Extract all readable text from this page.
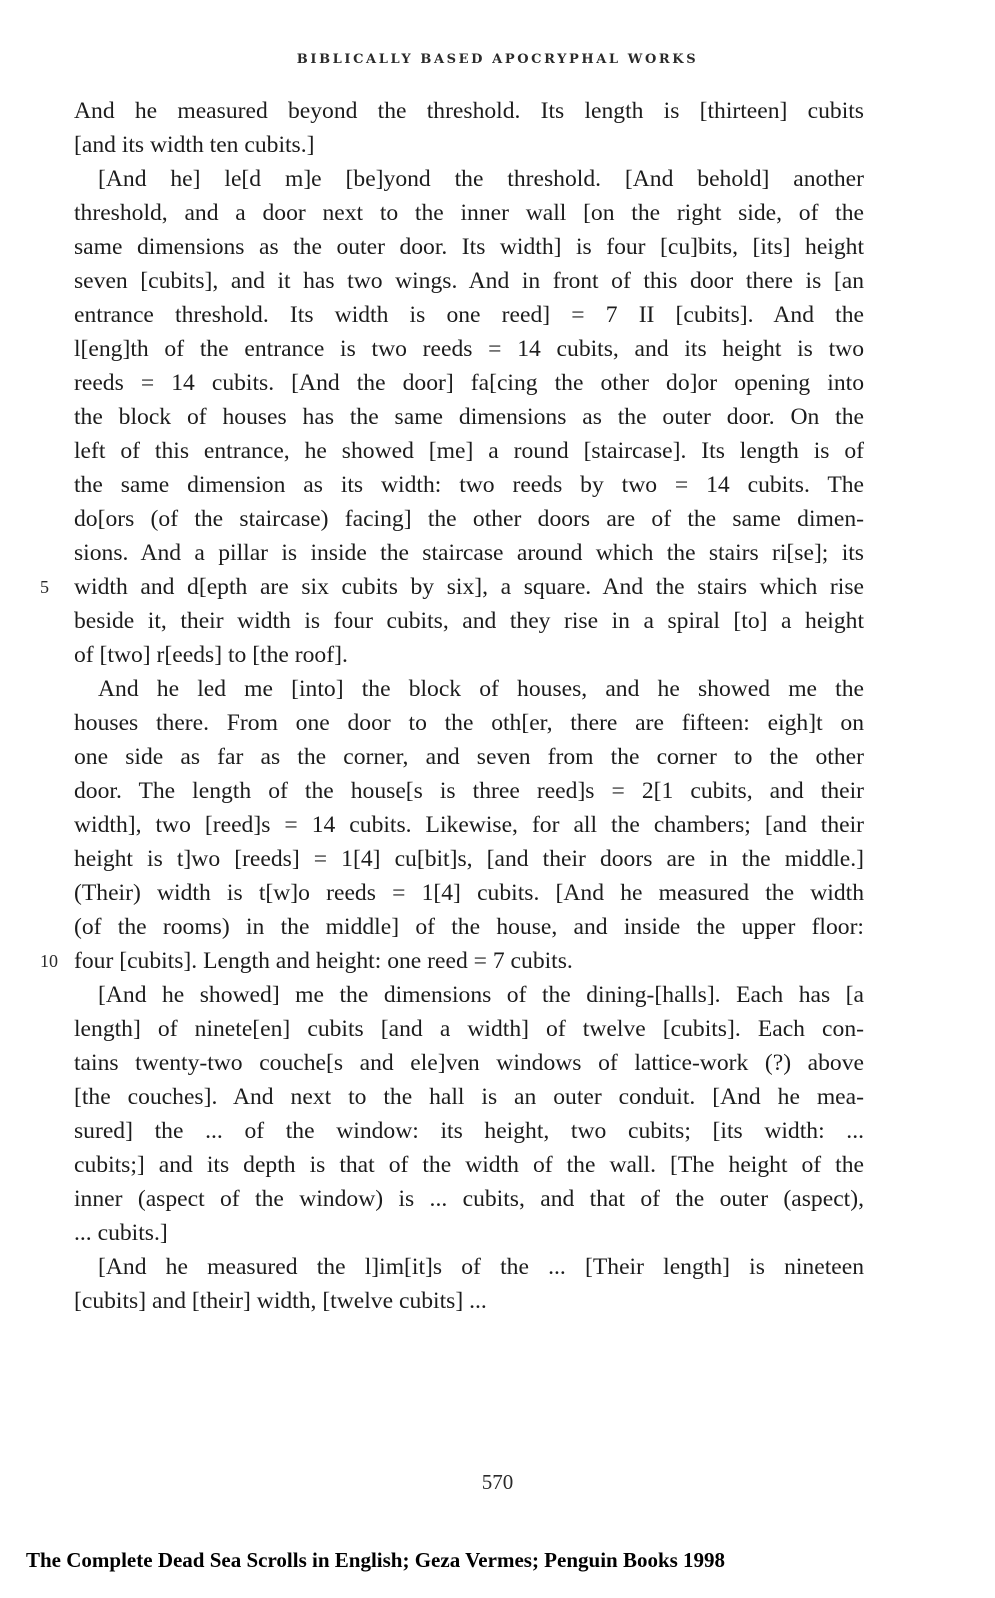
BIBLICALLY BASED APOCRYPHAL WORKS
And he measured beyond the threshold. Its length is [thirteen] cubits
[and its width ten cubits.]
[And he] le[d m]e [be]yond the threshold. [And behold] another
threshold, and a door next to the inner wall [on the right side, of the
same dimensions as the outer door. Its width] is four [cu]bits, [its] height
seven [cubits], and it has two wings. And in front of this door there is [an
entrance threshold. Its width is one reed] = 7 II [cubits]. And the
l[eng]th of the entrance is two reeds = 14 cubits, and its height is two
reeds = 14 cubits. [And the door] fa[cing the other do]or opening into
the block of houses has the same dimensions as the outer door. On the
left of this entrance, he showed [me] a round [staircase]. Its length is of
the same dimension as its width: two reeds by two = 14 cubits. The
do[ors (of the staircase) facing] the other doors are of the same dimen-
sions. And a pillar is inside the staircase around which the stairs ri[se]; its
5 width and d[epth are six cubits by six], a square. And the stairs which rise
beside it, their width is four cubits, and they rise in a spiral [to] a height
of [two] r[eeds] to [the roof].
And he led me [into] the block of houses, and he showed me the
houses there. From one door to the oth[er, there are fifteen: eigh]t on
one side as far as the corner, and seven from the corner to the other
door. The length of the house[s is three reed]s = 2[1 cubits, and their
width], two [reed]s = 14 cubits. Likewise, for all the chambers; [and their
height is t]wo [reeds] = 1[4] cu[bit]s, [and their doors are in the middle.]
(Their) width is t[w]o reeds = 1[4] cubits. [And he measured the width
(of the rooms) in the middle] of the house, and inside the upper floor:
10 four [cubits]. Length and height: one reed = 7 cubits.
[And he showed] me the dimensions of the dining-[halls]. Each has [a
length] of ninete[en] cubits [and a width] of twelve [cubits]. Each con-
tains twenty-two couche[s and ele]ven windows of lattice-work (?) above
[the couches]. And next to the hall is an outer conduit. [And he mea-
sured] the ... of the window: its height, two cubits; [its width: ...
cubits;] and its depth is that of the width of the wall. [The height of the
inner (aspect of the window) is ... cubits, and that of the outer (aspect),
... cubits.]
[And he measured the l]im[it]s of the ... [Their length] is nineteen
[cubits] and [their] width, [twelve cubits] ...
570
The Complete Dead Sea Scrolls in English; Geza Vermes; Penguin Books 1998
